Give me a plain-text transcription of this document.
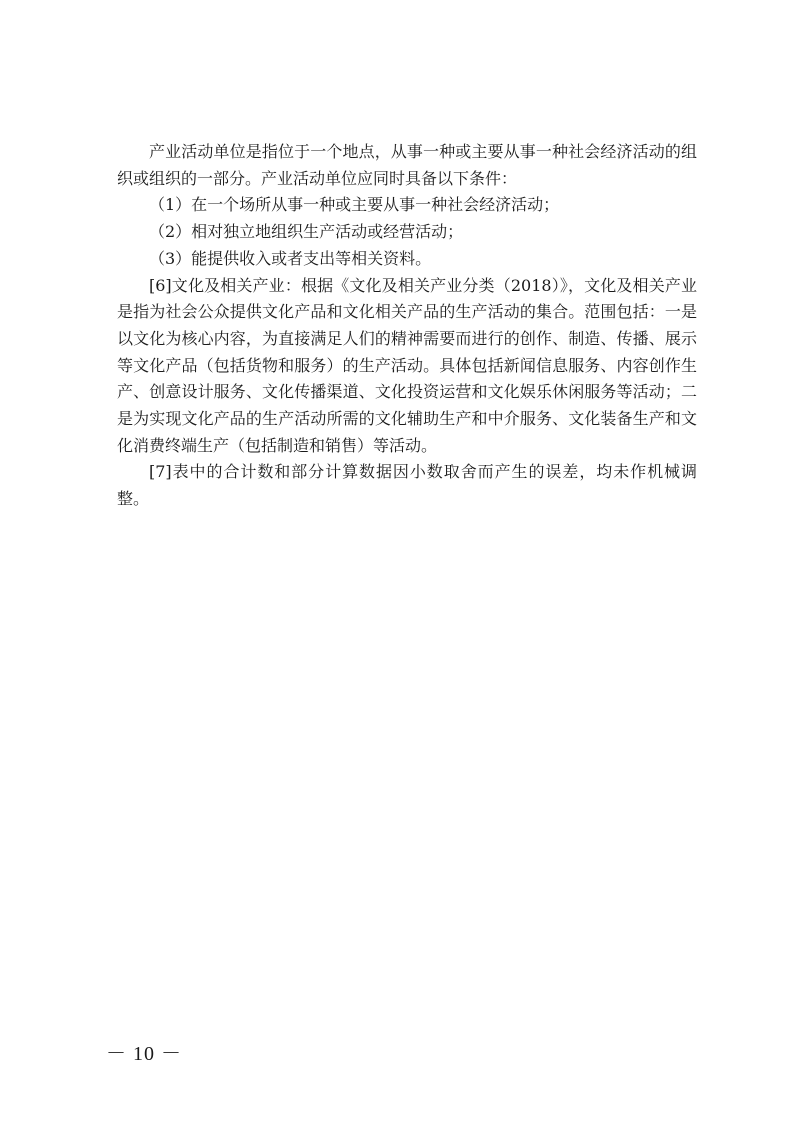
产业活动单位是指位于一个地点，从事一种或主要从事一种社会经济活动的组织或组织的一部分。产业活动单位应同时具备以下条件：

（1）在一个场所从事一种或主要从事一种社会经济活动；

（2）相对独立地组织生产活动或经营活动；

（3）能提供收入或者支出等相关资料。

[6]文化及相关产业：根据《文化及相关产业分类（2018）》，文化及相关产业是指为社会公众提供文化产品和文化相关产品的生产活动的集合。范围包括：一是以文化为核心内容，为直接满足人们的精神需要而进行的创作、制造、传播、展示等文化产品（包括货物和服务）的生产活动。具体包括新闻信息服务、内容创作生产、创意设计服务、文化传播渠道、文化投资运营和文化娱乐休闲服务等活动；二是为实现文化产品的生产活动所需的文化辅助生产和中介服务、文化装备生产和文化消费终端生产（包括制造和销售）等活动。

[7]表中的合计数和部分计算数据因小数取舍而产生的误差，均未作机械调整。

－ 10 －
